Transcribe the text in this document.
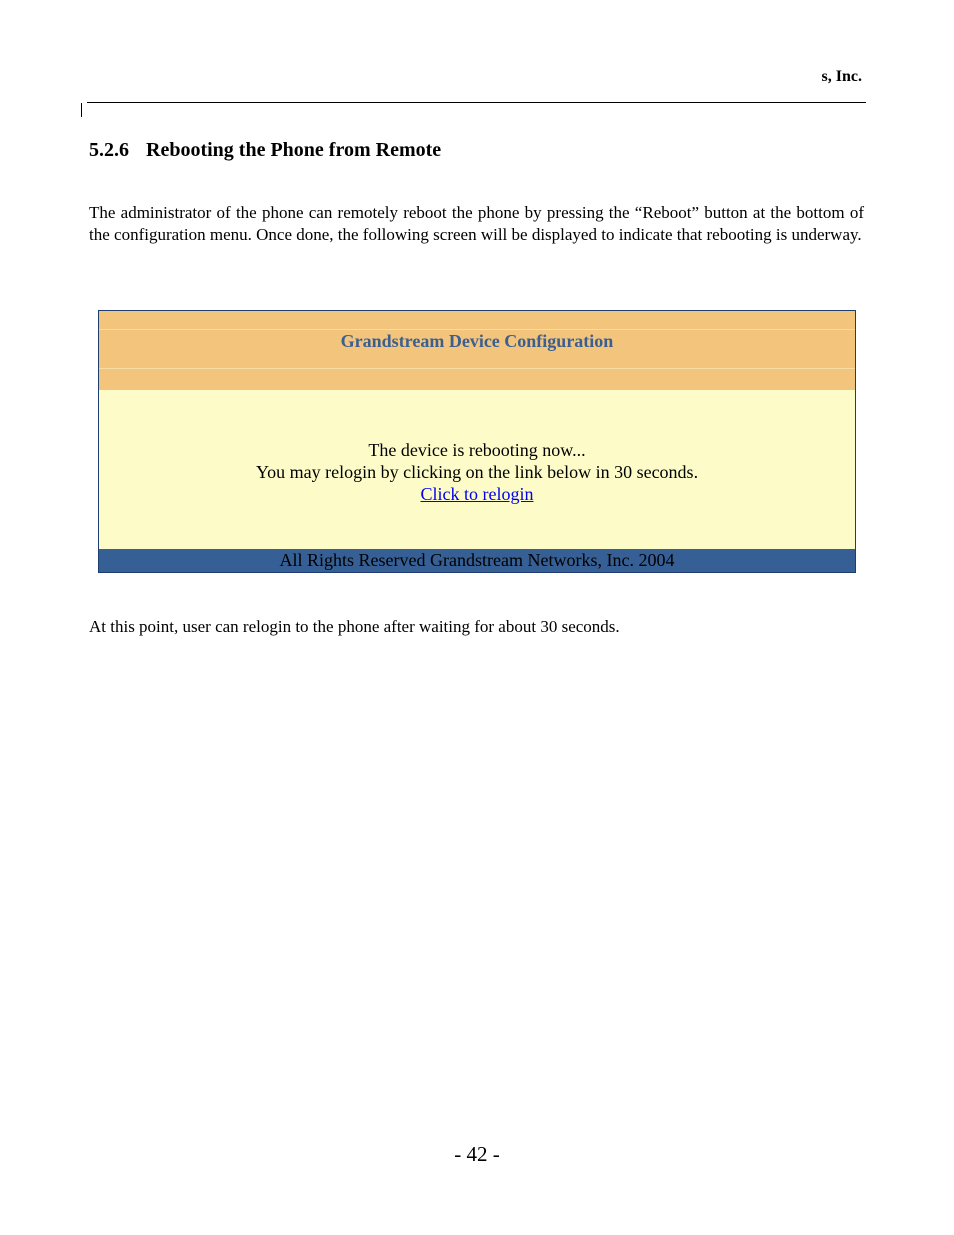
s, Inc.
5.2.6 Rebooting the Phone from Remote
The administrator of the phone can remotely reboot the phone by pressing the “Reboot” button at the bottom of the configuration menu. Once done, the following screen will be displayed to indicate that rebooting is underway.
Grandstream Device Configuration
The device is rebooting now...
You may relogin by clicking on the link below in 30 seconds.
Click to relogin
All Rights Reserved Grandstream Networks, Inc. 2004
At this point, user can relogin to the phone after waiting for about 30 seconds.
- 42 -
